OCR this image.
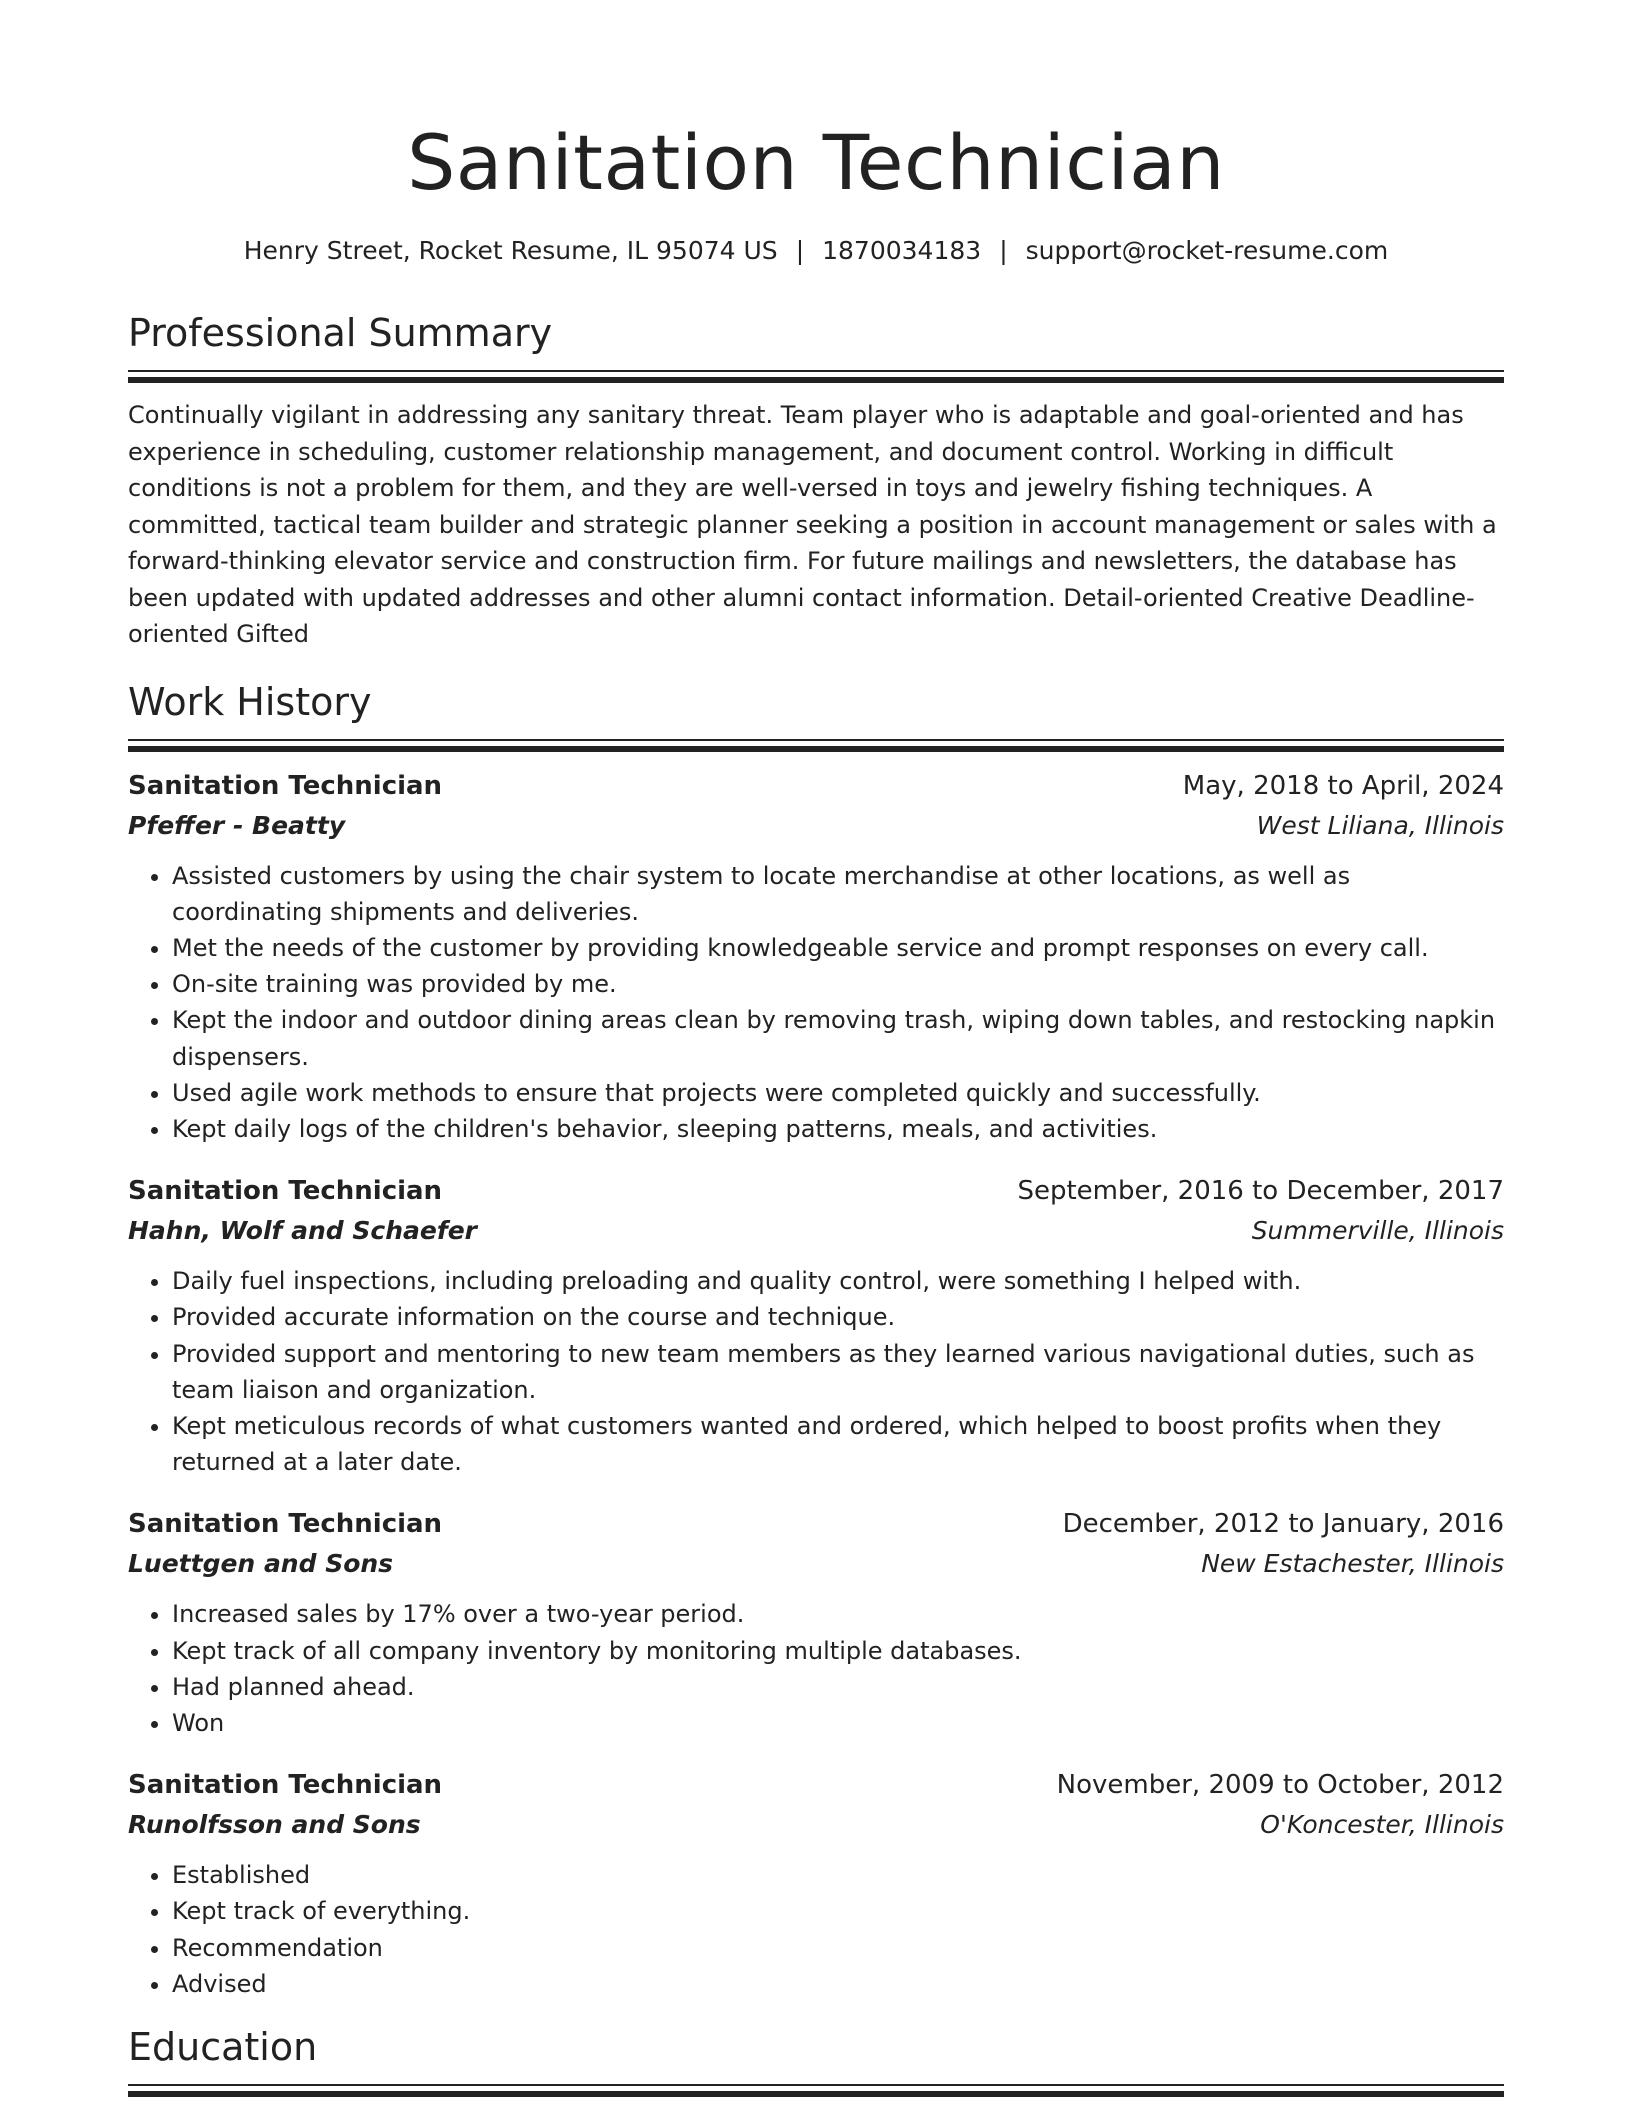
Sanitation Technician
Henry Street, Rocket Resume, IL 95074 US | 1870034183 | support@rocket-resume.com
Professional Summary

Continually vigilant in addressing any sanitary threat. Team player who is adaptable and goal-oriented and has experience in scheduling, customer relationship management, and document control. Working in difficult conditions is not a problem for them, and they are well-versed in toys and jewelry fishing techniques. A committed, tactical team builder and strategic planner seeking a position in account management or sales with a forward-thinking elevator service and construction firm. For future mailings and newsletters, the database has been updated with updated addresses and other alumni contact information. Detail-oriented Creative Deadline-oriented Gifted

Work History
Sanitation Technician	May, 2018 to April, 2024
Pfeffer - Beatty	West Liliana, Illinois
• Assisted customers by using the chair system to locate merchandise at other locations, as well as coordinating shipments and deliveries.
• Met the needs of the customer by providing knowledgeable service and prompt responses on every call.
• On-site training was provided by me.
• Kept the indoor and outdoor dining areas clean by removing trash, wiping down tables, and restocking napkin dispensers.
• Used agile work methods to ensure that projects were completed quickly and successfully.
• Kept daily logs of the children's behavior, sleeping patterns, meals, and activities.
Sanitation Technician	September, 2016 to December, 2017
Hahn, Wolf and Schaefer	Summerville, Illinois
• Daily fuel inspections, including preloading and quality control, were something I helped with.
• Provided accurate information on the course and technique.
• Provided support and mentoring to new team members as they learned various navigational duties, such as team liaison and organization.
• Kept meticulous records of what customers wanted and ordered, which helped to boost profits when they returned at a later date.
Sanitation Technician	December, 2012 to January, 2016
Luettgen and Sons	New Estachester, Illinois
• Increased sales by 17% over a two-year period.
• Kept track of all company inventory by monitoring multiple databases.
• Had planned ahead.
• Won
Sanitation Technician	November, 2009 to October, 2012
Runolfsson and Sons	O'Koncester, Illinois
• Established
• Kept track of everything.
• Recommendation
• Advised
Education
